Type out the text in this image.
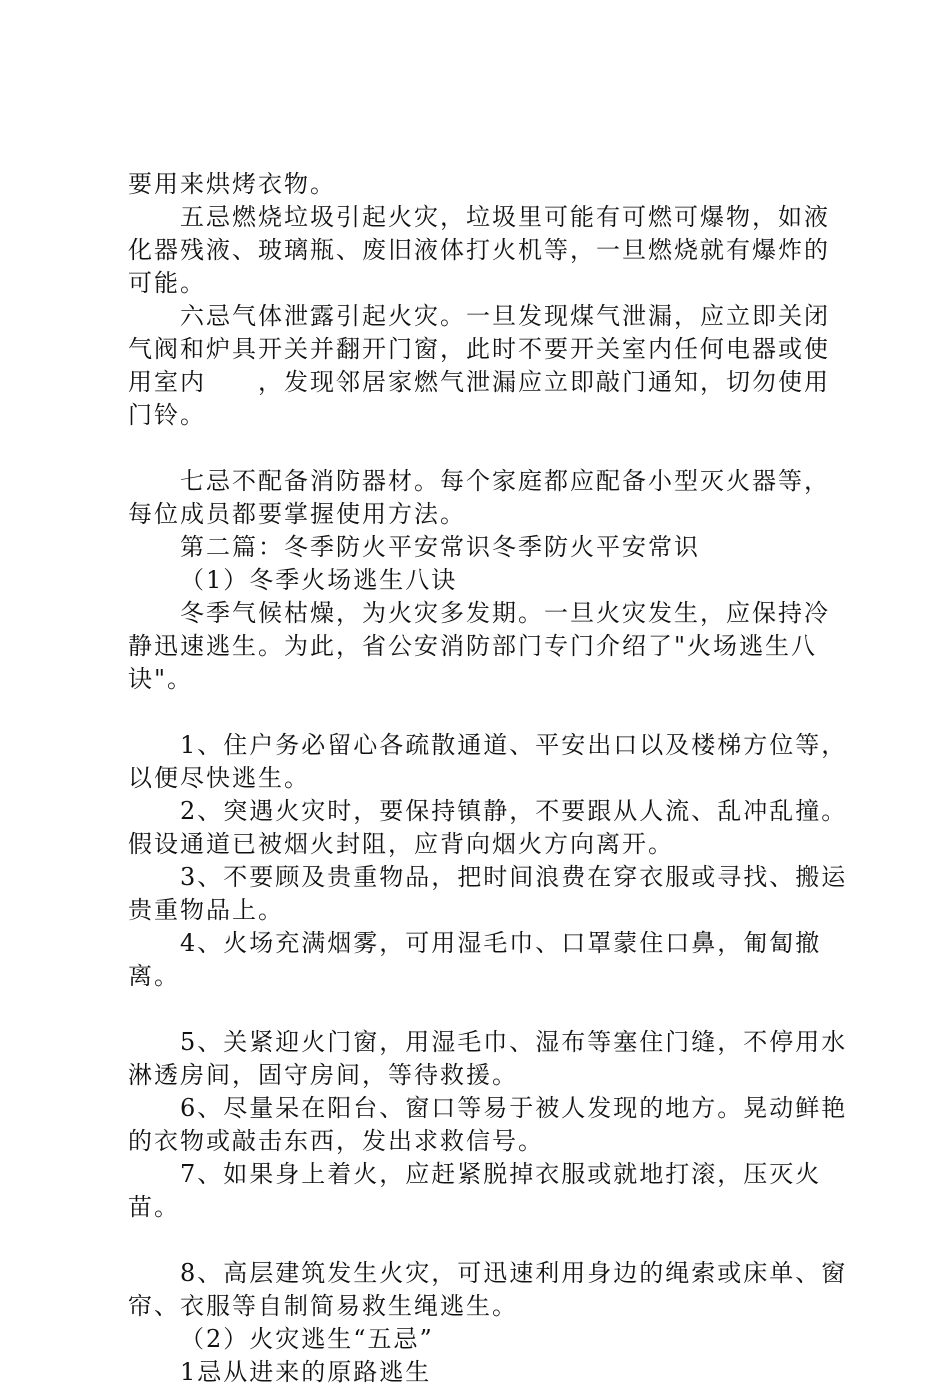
要用来烘烤衣物。

五忌燃烧垃圾引起火灾，垃圾里可能有可燃可爆物，如液化器残液、玻璃瓶、废旧液体打火机等，一旦燃烧就有爆炸的可能。

六忌气体泄露引起火灾。一旦发现煤气泄漏，应立即关闭气阀和炉具开关并翻开门窗，此时不要开关室内任何电器或使用室内　　，发现邻居家燃气泄漏应立即敲门通知，切勿使用门铃。

七忌不配备消防器材。每个家庭都应配备小型灭火器等，每位成员都要掌握使用方法。

第二篇：冬季防火平安常识冬季防火平安常识

（1）冬季火场逃生八诀

冬季气候枯燥，为火灾多发期。一旦火灾发生，应保持冷静迅速逃生。为此，省公安消防部门专门介绍了"火场逃生八诀"。

1、住户务必留心各疏散通道、平安出口以及楼梯方位等，以便尽快逃生。

2、突遇火灾时，要保持镇静，不要跟从人流、乱冲乱撞。假设通道已被烟火封阻，应背向烟火方向离开。

3、不要顾及贵重物品，把时间浪费在穿衣服或寻找、搬运贵重物品上。

4、火场充满烟雾，可用湿毛巾、口罩蒙住口鼻，匍匐撤离。

5、关紧迎火门窗，用湿毛巾、湿布等塞住门缝，不停用水淋透房间，固守房间，等待救援。

6、尽量呆在阳台、窗口等易于被人发现的地方。晃动鲜艳的衣物或敲击东西，发出求救信号。

7、如果身上着火，应赶紧脱掉衣服或就地打滚，压灭火苗。

8、高层建筑发生火灾，可迅速利用身边的绳索或床单、窗帘、衣服等自制简易救生绳逃生。

（2）火灾逃生“五忌”

1忌从进来的原路逃生
